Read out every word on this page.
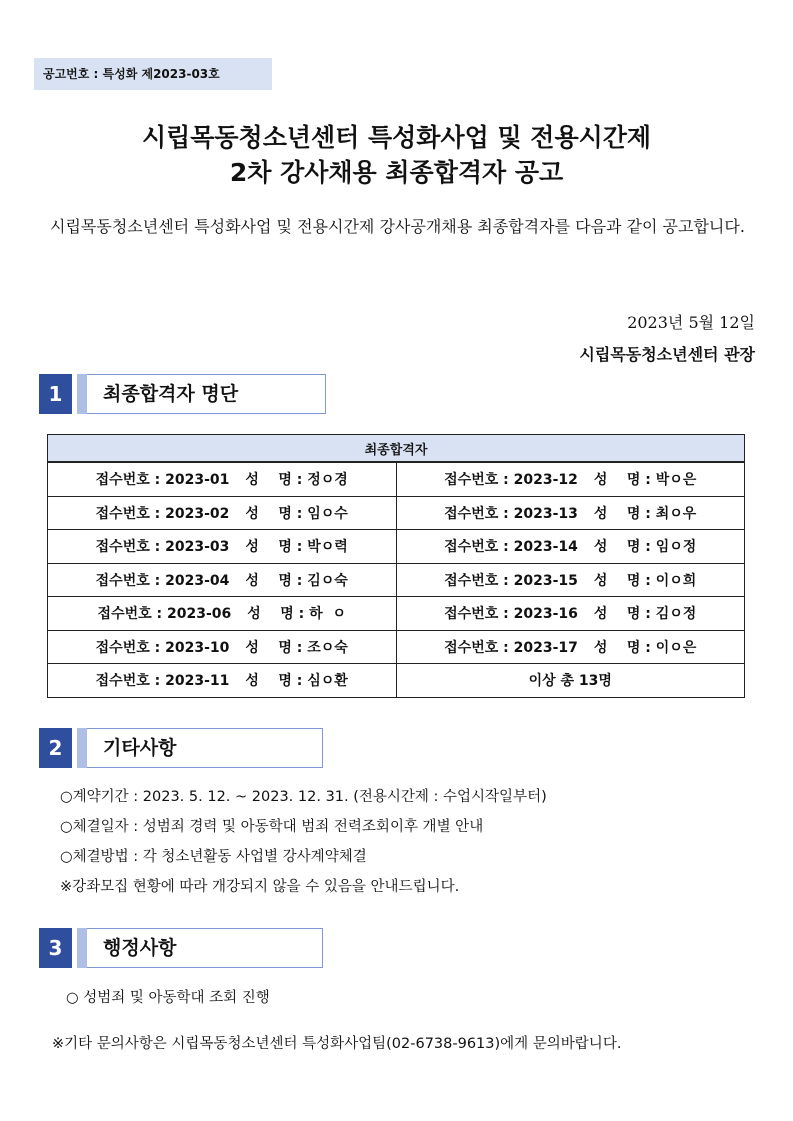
공고번호 : 특성화 제2023-03호
시립목동청소년센터 특성화사업 및 전용시간제
2차 강사채용 최종합격자 공고
시립목동청소년센터 특성화사업 및 전용시간제 강사공개채용 최종합격자를 다음과 같이 공고합니다.
2023년 5월 12일
시립목동청소년센터 관장
1	최종합격자 명단
최종합격자	

접수번호 : 2023-01 성    명 : 정ㅇ경	접수번호 : 2023-12 성    명 : 박ㅇ은

접수번호 : 2023-02 성    명 : 임ㅇ수	접수번호 : 2023-13 성    명 : 최ㅇ우

접수번호 : 2023-03 성    명 : 박ㅇ력	접수번호 : 2023-14 성    명 : 임ㅇ정

접수번호 : 2023-04 성    명 : 김ㅇ숙	접수번호 : 2023-15 성    명 : 이ㅇ희

접수번호 : 2023-06 성    명 : 하  ㅇ	접수번호 : 2023-16 성    명 : 김ㅇ정

접수번호 : 2023-10 성    명 : 조ㅇ숙	접수번호 : 2023-17 성    명 : 이ㅇ은

접수번호 : 2023-11 성    명 : 심ㅇ환	이상 총 13명
2	기타사항
○계약기간 : 2023. 5. 12. ~ 2023. 12. 31. (전용시간제 : 수업시작일부터)
○체결일자 : 성범죄 경력 및 아동학대 범죄 전력조회이후 개별 안내
○체결방법 : 각 청소년활동 사업별 강사계약체결
※강좌모집 현황에 따라 개강되지 않을 수 있음을 안내드립니다.
3	행정사항
○ 성범죄 및 아동학대 조회 진행
※기타 문의사항은 시립목동청소년센터 특성화사업팀(02-6738-9613)에게 문의바랍니다.
